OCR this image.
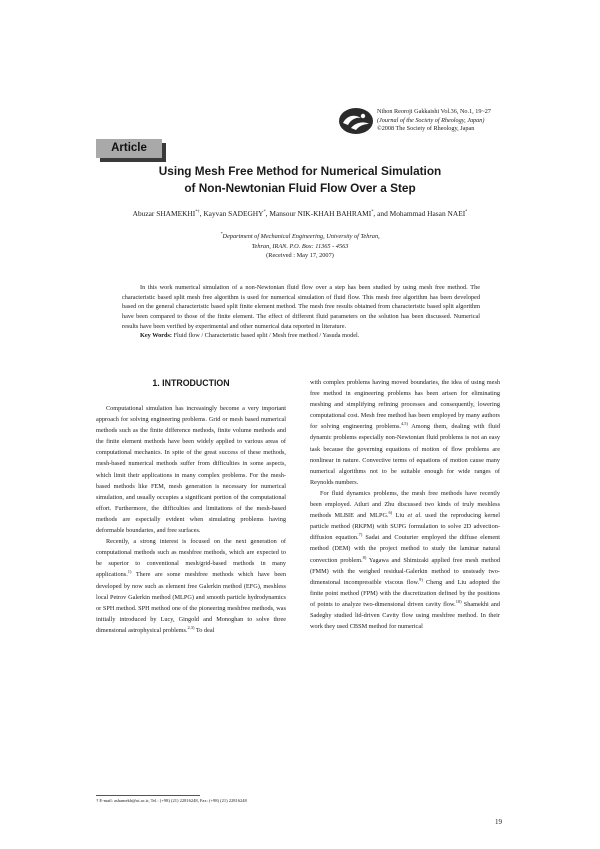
Nihon Reoroji Gakkaishi Vol.36, No.1, 19~27
(Journal of the Society of Rheology, Japan)
©2008 The Society of Rheology, Japan
Article
Using Mesh Free Method for Numerical Simulation
of Non-Newtonian Fluid Flow Over a Step
Abuzar SHAMEKHI*†, Kayvan SADEGHY*, Mansour NIK-KHAH BAHRAMI*, and Mohammad Hasan NAEI*
*Department of Mechanical Engineering, University of Tehran,
Tehran, IRAN. P.O. Box: 11365 - 4563
(Received : May 17, 2007)

In this work numerical simulation of a non-Newtonian fluid flow over a step has been studied by using mesh free method. The characteristic based split mesh free algorithm is used for numerical simulation of fluid flow. This mesh free algorithm has been developed based on the general characteristic based split finite element method. The mesh free results obtained from characteristic based split algorithm have been compared to those of the finite element. The effect of different fluid parameters on the solution has been discussed. Numerical results have been verified by experimental and other numerical data reported in literature.

Key Words: Fluid flow / Characteristic based split / Mesh free method / Yasuda model.

1. INTRODUCTION

Computational simulation has increasingly become a very important approach for solving engineering problems. Grid or mesh based numerical methods such as the finite difference methods, finite volume methods and the finite element methods have been widely applied to various areas of computational mechanics. In spite of the great success of these methods, mesh-based numerical methods suffer from difficulties in some aspects, which limit their applications in many complex problems. For the mesh-based methods like FEM, mesh generation is necessary for numerical simulation, and usually occupies a significant portion of the computational effort. Furthermore, the difficulties and limitations of the mesh-based methods are especially evident when simulating problems having deformable boundaries, and free surfaces.

Recently, a strong interest is focused on the next generation of computational methods such as meshfree methods, which are expected to be superior to conventional mesh/grid-based methods in many applications.$^{1)}$ There are some meshfree methods which have been developed by now such as element free Galerkin method (EFG), meshless local Petrov Galerkin method (MLPG) and smooth particle hydrodynamics or SPH method. SPH method one of the pioneering meshfree methods, was initially introduced by Lucy, Gingold and Monoghan to solve three dimensional astrophysical problems.$^{2,3)}$ To deal

with complex problems having moved boundaries, the idea of using mesh free method in engineering problems has been arisen for eliminating meshing and simplifying refining processes and consequently, lowering computational cost. Mesh free method has been employed by many authors for solving engineering problems.$^{4,5)}$ Among them, dealing with fluid dynamic problems especially non-Newtonian fluid problems is not an easy task because the governing equations of motion of flow problems are nonlinear in nature. Convective terms of equations of motion cause many numerical algorithms not to be suitable enough for wide ranges of Reynolds numbers.

For fluid dynamics problems, the mesh free methods have recently been employed. Atluri and Zhu discussed two kinds of truly meshless methods MLBIE and MLPG.$^{6)}$ Liu et al. used the reproducing kernel particle method (RKPM) with SUPG formulation to solve 2D advection-diffusion equation.$^{7)}$ Sadat and Couturier employed the diffuse element method (DEM) with the project method to study the laminar natural convection problem.$^{8)}$ Yagawa and Shimizaki applied free mesh method (FMM) with the weighed residual-Galerkin method to unsteady two-dimensional incompressible viscous flow.$^{9)}$ Cheng and Liu adopted the finite point method (FPM) with the discretization defined by the positions of points to analyze two-dimensional driven cavity flow.$^{10)}$ Shamekhi and Sadeghy studied lid-driven Cavity flow using meshfree method. In their work they used CBSM method for numerical

† E-mail: ashamekh@ut.ac.ir, Tel.: (+98) (21) 22816248, Fax: (+98) (21) 22816248
19
